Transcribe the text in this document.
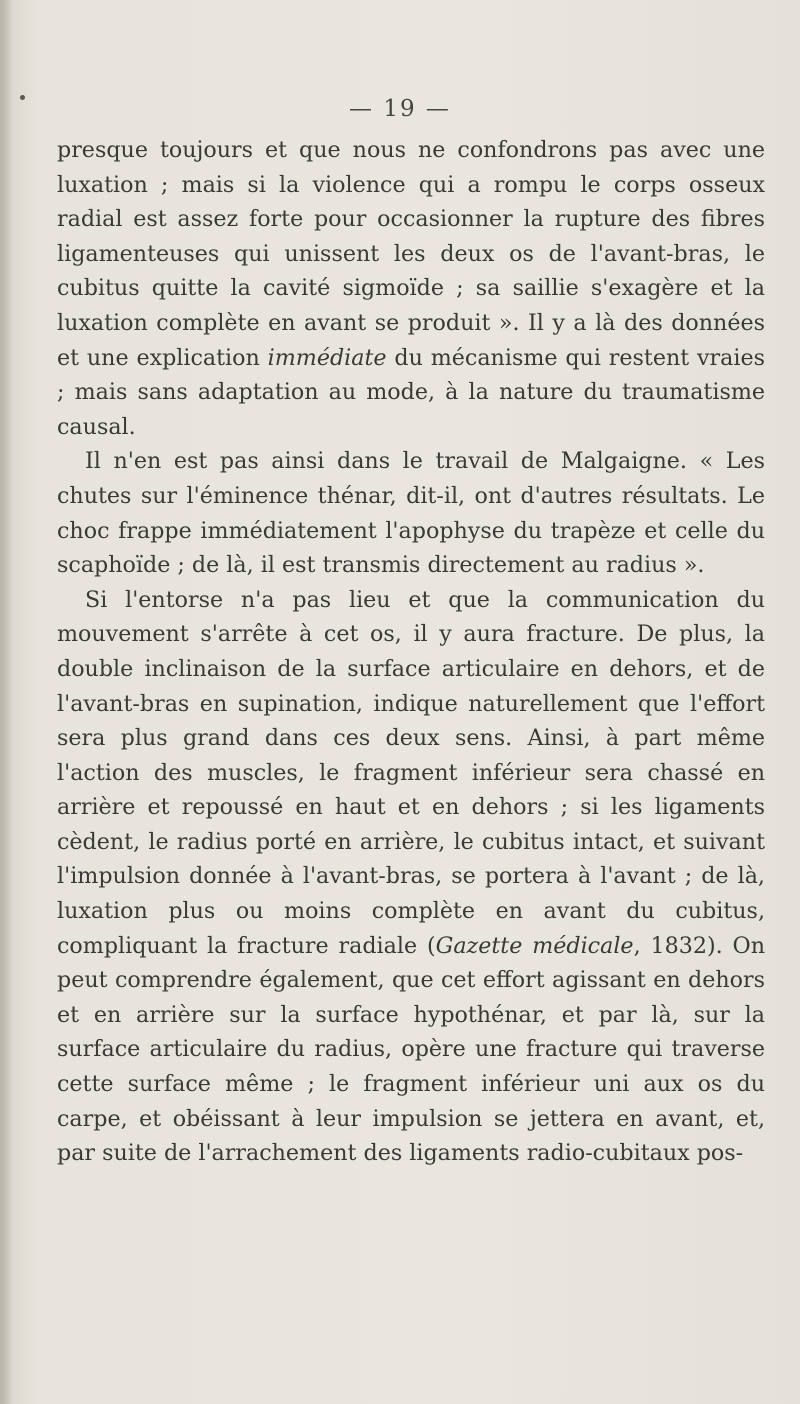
— 19 —

presque toujours et que nous ne confondrons pas avec une luxation ; mais si la violence qui a rompu le corps osseux radial est assez forte pour occasionner la rupture des fibres ligamenteuses qui unissent les deux os de l'avant-bras, le cubitus quitte la cavité sigmoïde ; sa saillie s'exagère et la luxation complète en avant se produit ». Il y a là des données et une explication immédiate du mécanisme qui restent vraies ; mais sans adaptation au mode, à la nature du traumatisme causal.

Il n'en est pas ainsi dans le travail de Malgaigne. « Les chutes sur l'éminence thénar, dit-il, ont d'autres résultats. Le choc frappe immédiatement l'apophyse du trapèze et celle du scaphoïde ; de là, il est transmis directement au radius ».

Si l'entorse n'a pas lieu et que la communication du mouvement s'arrête à cet os, il y aura fracture. De plus, la double inclinaison de la surface articulaire en dehors, et de l'avant-bras en supination, indique naturellement que l'effort sera plus grand dans ces deux sens. Ainsi, à part même l'action des muscles, le fragment inférieur sera chassé en arrière et repoussé en haut et en dehors ; si les ligaments cèdent, le radius porté en arrière, le cubitus intact, et suivant l'impulsion donnée à l'avant-bras, se portera à l'avant ; de là, luxation plus ou moins complète en avant du cubitus, compliquant la fracture radiale (Gazette médicale, 1832). On peut comprendre également, que cet effort agissant en dehors et en arrière sur la surface hypothénar, et par là, sur la surface articulaire du radius, opère une fracture qui traverse cette surface même ; le fragment inférieur uni aux os du carpe, et obéissant à leur impulsion se jettera en avant, et, par suite de l'arrachement des ligaments radio-cubitaux pos-
